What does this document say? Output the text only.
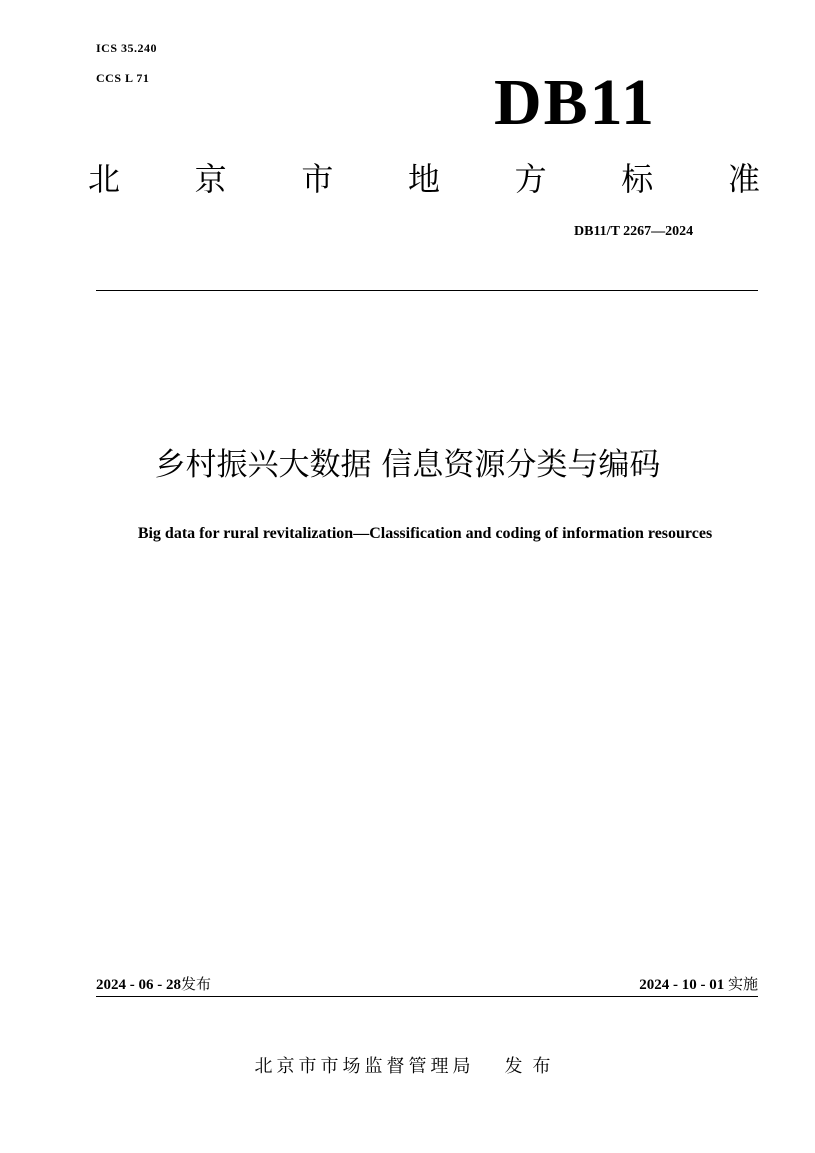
ICS 35.240
CCS L 71	DB11
北 京 市 地 方 标 准
DB11/T 2267—2024
乡村振兴大数据 信息资源分类与编码
Big data for rural revitalization—Classification and coding of information resources
2024 - 06 - 28发布	2024 - 10 - 01 实施
北京市市场监督管理局 发布
